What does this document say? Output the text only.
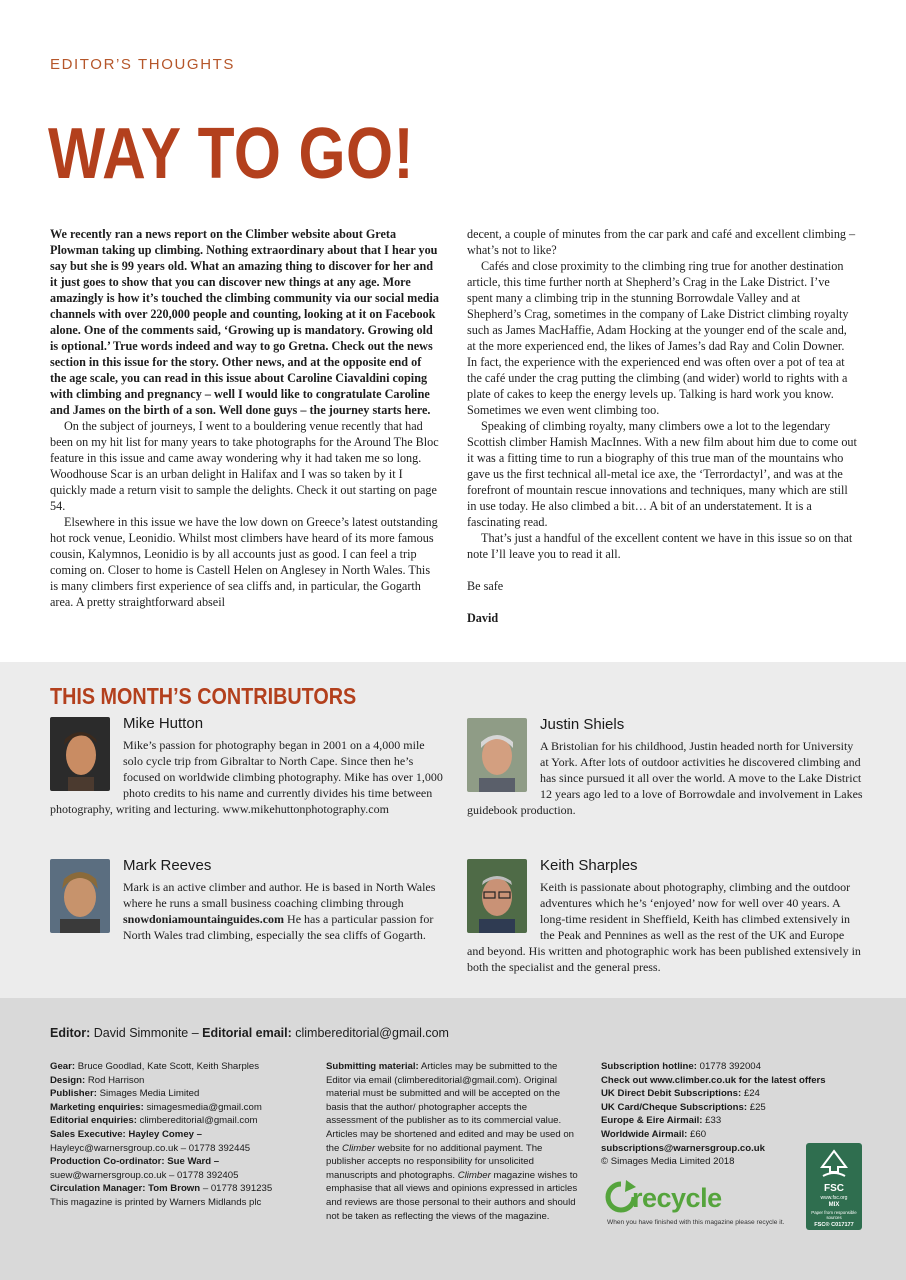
EDITOR’S THOUGHTS
WAY TO GO!

We recently ran a news report on the Climber website about Greta Plowman taking up climbing. Nothing extraordinary about that I hear you say but she is 99 years old. What an amazing thing to discover for her and it just goes to show that you can discover new things at any age. More amazingly is how it’s touched the climbing community via our social media channels with over 220,000 people and counting, looking at it on Facebook alone. One of the comments said, ‘Growing up is mandatory. Growing old is optional.’ True words indeed and way to go Gretna. Check out the news section in this issue for the story. Other news, and at the opposite end of the age scale, you can read in this issue about Caroline Ciavaldini coping with climbing and pregnancy – well I would like to congratulate Caroline and James on the birth of a son. Well done guys – the journey starts here.

On the subject of journeys, I went to a bouldering venue recently that had been on my hit list for many years to take photographs for the Around The Bloc feature in this issue and came away wondering why it had taken me so long. Woodhouse Scar is an urban delight in Halifax and I was so taken by it I quickly made a return visit to sample the delights. Check it out starting on page 54.

Elsewhere in this issue we have the low down on Greece’s latest outstanding hot rock venue, Leonidio. Whilst most climbers have heard of its more famous cousin, Kalymnos, Leonidio is by all accounts just as good. I can feel a trip coming on. Closer to home is Castell Helen on Anglesey in North Wales. This is many climbers first experience of sea cliffs and, in particular, the Gogarth area. A pretty straightforward abseil

decent, a couple of minutes from the car park and café and excellent climbing – what’s not to like?

Cafés and close proximity to the climbing ring true for another destination article, this time further north at Shepherd’s Crag in the Lake District. I’ve spent many a climbing trip in the stunning Borrowdale Valley and at Shepherd’s Crag, sometimes in the company of Lake District climbing royalty such as James MacHaffie, Adam Hocking at the younger end of the scale and, at the more experienced end, the likes of James’s dad Ray and Colin Downer. In fact, the experience with the experienced end was often over a pot of tea at the café under the crag putting the climbing (and wider) world to rights with a plate of cakes to keep the energy levels up. Talking is hard work you know. Sometimes we even went climbing too.

Speaking of climbing royalty, many climbers owe a lot to the legendary Scottish climber Hamish MacInnes. With a new film about him due to come out it was a fitting time to run a biography of this true man of the mountains who gave us the first technical all-metal ice axe, the ‘Terrordactyl’, and was at the forefront of mountain rescue innovations and techniques, many which are still in use today. He also climbed a bit… A bit of an understatement. It is a fascinating read.

That’s just a handful of the excellent content we have in this issue so on that note I’ll leave you to read it all.

Be safe

David

THIS MONTH’S CONTRIBUTORS
Mike Hutton
Mike’s passion for photography began in 2001 on a 4,000 mile solo cycle trip from Gibraltar to North Cape. Since then he’s focused on worldwide climbing photography. Mike has over 1,000 photo credits to his name and currently divides his time between photography, writing and lecturing. www.mikehuttonphotography.com
Justin Shiels
A Bristolian for his childhood, Justin headed north for University at York. After lots of outdoor activities he discovered climbing and has since pursued it all over the world. A move to the Lake District 12 years ago led to a love of Borrowdale and involvement in Lakes guidebook production.
Mark Reeves
Mark is an active climber and author. He is based in North Wales where he runs a small business coaching climbing through snowdoniamountainguides.com He has a particular passion for North Wales trad climbing, especially the sea cliffs of Gogarth.
Keith Sharples
Keith is passionate about photography, climbing and the outdoor adventures which he’s ‘enjoyed’ now for well over 40 years. A long-time resident in Sheffield, Keith has climbed extensively in the Peak and Pennines as well as the rest of the UK and Europe and beyond. His written and photographic work has been published extensively in both the specialist and the general press.
Editor: David Simmonite – Editorial email: climbereditorial@gmail.com
Gear: Bruce Goodlad, Kate Scott, Keith Sharples
Design: Rod Harrison
Publisher: Simages Media Limited
Marketing enquiries: simagesmedia@gmail.com
Editorial enquiries: climbereditorial@gmail.com
Sales Executive: Hayley Comey –
Hayleyc@warnersgroup.co.uk – 01778 392445
Production Co-ordinator: Sue Ward –
suew@warnersgroup.co.uk – 01778 392405
Circulation Manager: Tom Brown – 01778 391235
This magazine is printed by Warners Midlands plc
Submitting material: Articles may be submitted to the Editor via email (climbereditorial@gmail.com). Original material must be submitted and will be accepted on the basis that the author/ photographer accepts the assessment of the publisher as to its commercial value. Articles may be shortened and edited and may be used on the Climber website for no additional payment. The publisher accepts no responsibility for unsolicited manuscripts and photographs. Climber magazine wishes to emphasise that all views and opinions expressed in articles and reviews are those personal to their authors and should not be taken as reflecting the views of the magazine.
Subscription hotline: 01778 392004
Check out www.climber.co.uk for the latest offers
UK Direct Debit Subscriptions: £24
UK Card/Cheque Subscriptions: £25
Europe & Eire Airmail: £33
Worldwide Airmail: £60
subscriptions@warnersgroup.co.uk
© Simages Media Limited 2018
recycle
When you have finished with this magazine please recycle it.
FSC
www.fsc.org
MIX
Paper from responsible sources
FSC® C017177
